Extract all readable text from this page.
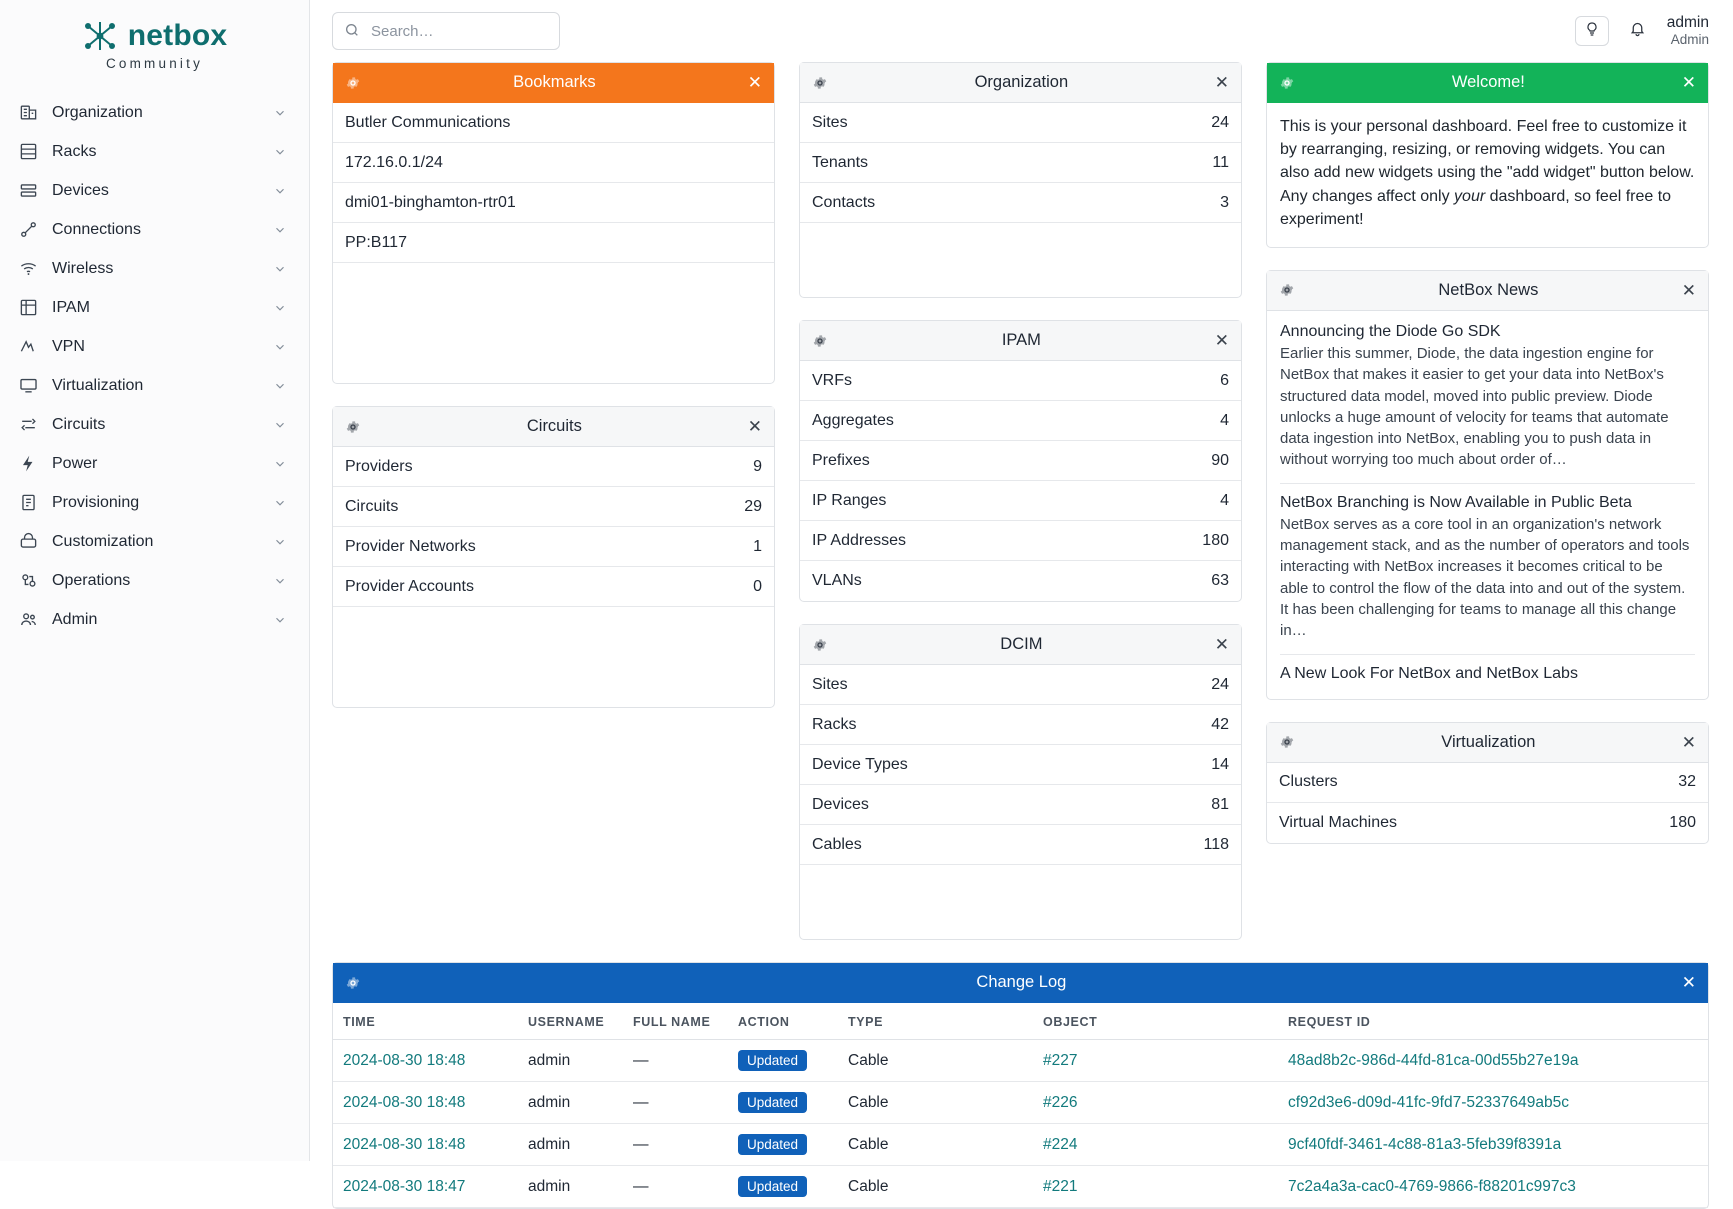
netbox
Community
Organization
Racks
Devices
Connections
Wireless
IPAM
VPN
Virtualization
Circuits
Power
Provisioning
Customization
Operations
Admin
Search…
admin
Admin
Bookmarks	✕
Butler Communications
172.16.0.1/24
dmi01-binghamton-rtr01
PP:B117
Circuits	✕
Providers	9
Circuits	29
Provider Networks	1
Provider Accounts	0
Organization	✕
Sites	24
Tenants	11
Contacts	3
IPAM	✕
VRFs	6
Aggregates	4
Prefixes	90
IP Ranges	4
IP Addresses	180
VLANs	63
DCIM	✕
Sites	24
Racks	42
Device Types	14
Devices	81
Cables	118
Welcome!	✕
This is your personal dashboard. Feel free to customize it by rearranging, resizing, or removing widgets. You can also add new widgets using the "add widget" button below. Any changes affect only your dashboard, so feel free to experiment!
NetBox News	✕
Announcing the Diode Go SDK
Earlier this summer, Diode, the data ingestion engine for NetBox that makes it easier to get your data into NetBox's structured data model, moved into public preview. Diode unlocks a huge amount of velocity for teams that automate data ingestion into NetBox, enabling you to push data in without worrying too much about order of…
NetBox Branching is Now Available in Public Beta
NetBox serves as a core tool in an organization's network management stack, and as the number of operators and tools interacting with NetBox increases it becomes critical to be able to control the flow of the data into and out of the system. It has been challenging for teams to manage all this change in…
A New Look For NetBox and NetBox Labs
Virtualization	✕
Clusters	32
Virtual Machines	180
Change Log	✕
TIME	USERNAME	FULL NAME	ACTION	TYPE	OBJECT	REQUEST ID
2024-08-30 18:48	admin	—	Updated	Cable	#227	48ad8b2c-986d-44fd-81ca-00d55b27e19a
2024-08-30 18:48	admin	—	Updated	Cable	#226	cf92d3e6-d09d-41fc-9fd7-52337649ab5c
2024-08-30 18:48	admin	—	Updated	Cable	#224	9cf40fdf-3461-4c88-81a3-5feb39f8391a
2024-08-30 18:47	admin	—	Updated	Cable	#221	7c2a4a3a-cac0-4769-9866-f88201c997c3
